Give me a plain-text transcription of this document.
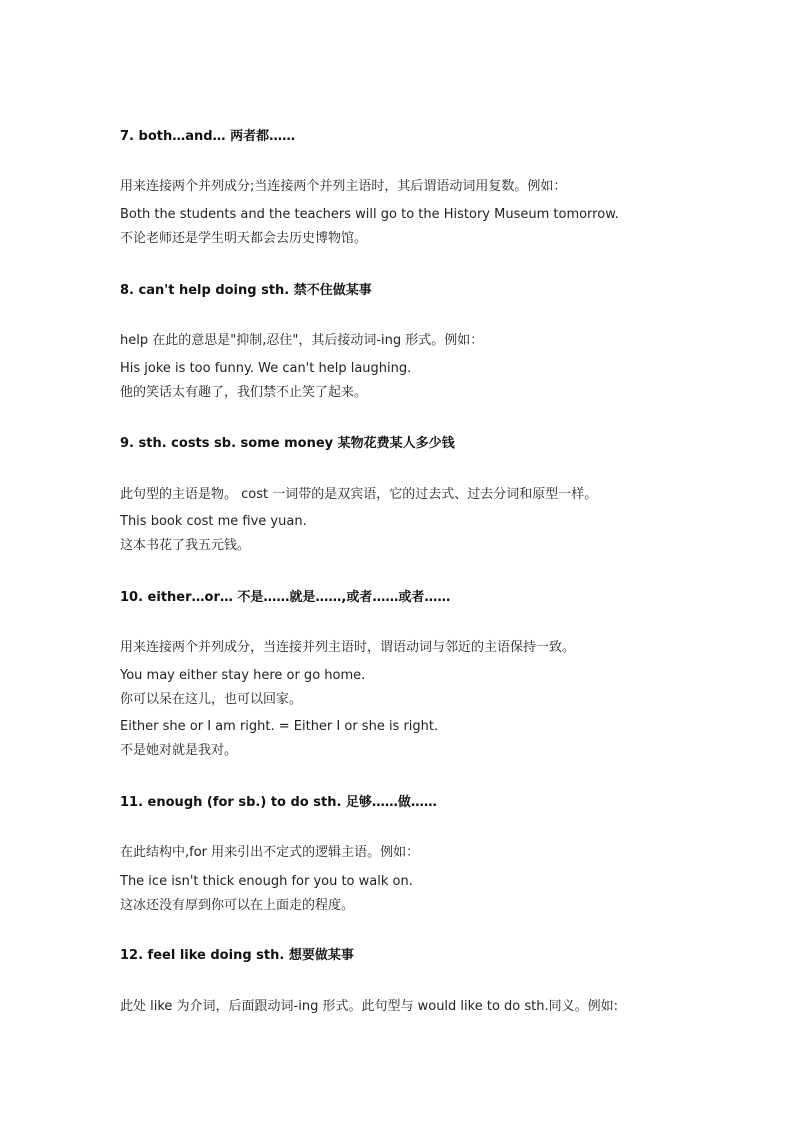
7. both…and… 两者都……
用来连接两个并列成分;当连接两个并列主语时，其后谓语动词用复数。例如：
Both the students and the teachers will go to the History Museum tomorrow.
不论老师还是学生明天都会去历史博物馆。
8. can't help doing sth. 禁不住做某事
help 在此的意思是"抑制,忍住"，其后接动词-ing 形式。例如：
His joke is too funny. We can't help laughing.
他的笑话太有趣了，我们禁不止笑了起来。
9. sth. costs sb. some money 某物花费某人多少钱
此句型的主语是物。 cost 一词带的是双宾语，它的过去式、过去分词和原型一样。
This book cost me five yuan.
这本书花了我五元钱。
10. either…or… 不是……就是……,或者……或者……
用来连接两个并列成分，当连接并列主语时，谓语动词与邻近的主语保持一致。
You may either stay here or go home.
你可以呆在这儿，也可以回家。
Either she or I am right. = Either I or she is right.
不是她对就是我对。
11. enough (for sb.) to do sth. 足够……做……
在此结构中,for 用来引出不定式的逻辑主语。例如：
The ice isn't thick enough for you to walk on.
这冰还没有厚到你可以在上面走的程度。
12. feel like doing sth. 想要做某事
此处 like 为介词，后面跟动词-ing 形式。此句型与 would like to do sth.同义。例如:
